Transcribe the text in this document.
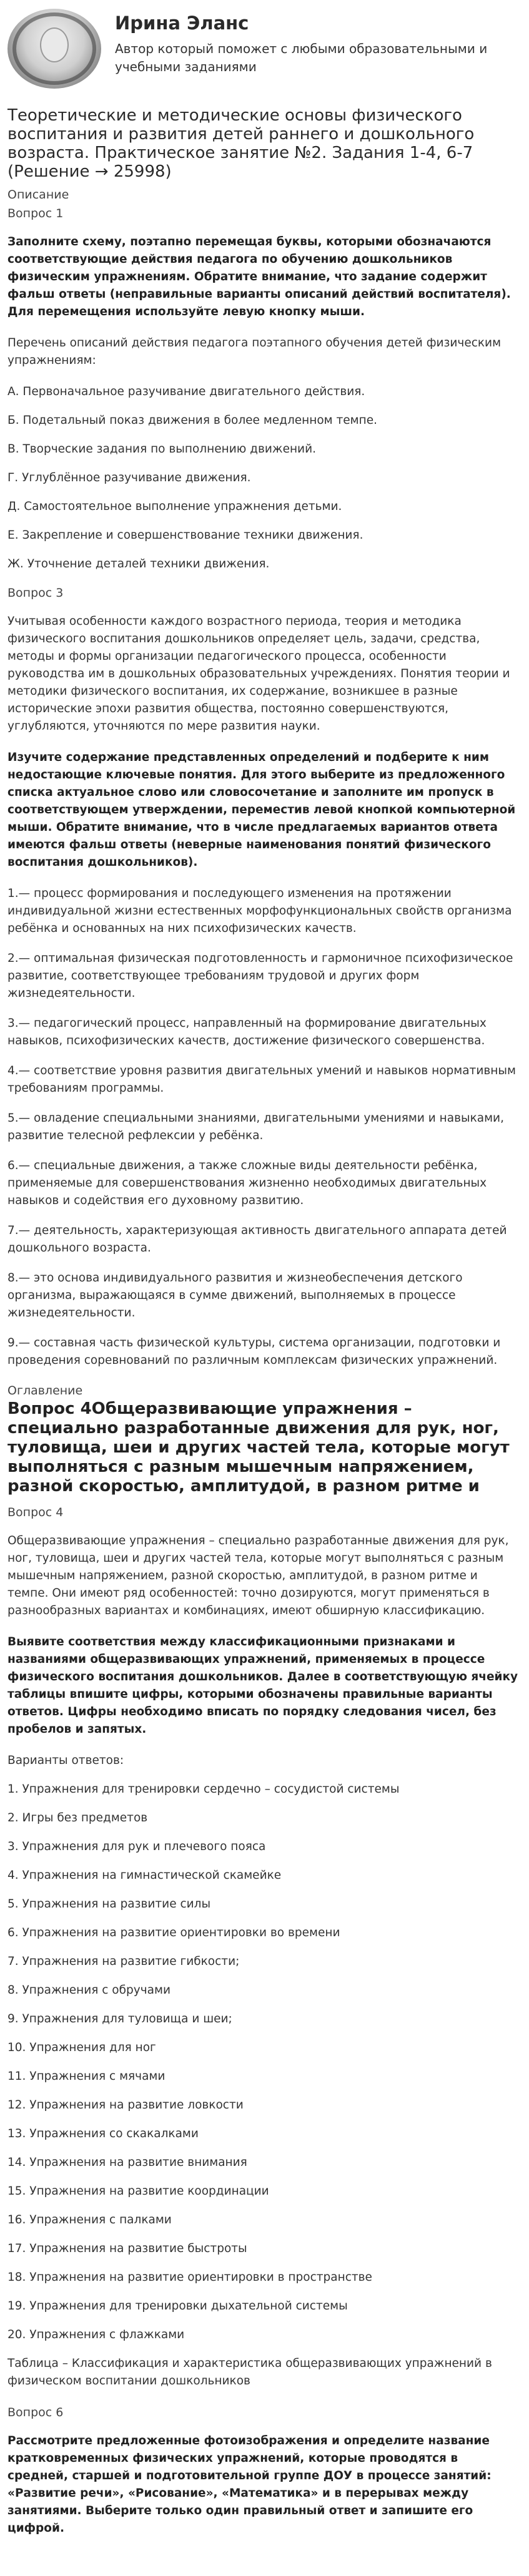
Ирина Эланс
Автор который поможет с любыми образовательными и учебными заданиями
Теоретические и методические основы физического воспитания и развития детей раннего и дошкольного возраста. Практическое занятие №2. Задания 1-4, 6-7 (Решение → 25998)

Описание

Вопрос 1

Заполните схему, поэтапно перемещая буквы, которыми обозначаются соответствующие действия педагога по обучению дошкольников физическим упражнениям. Обратите внимание, что задание содержит фальш ответы (неправильные варианты описаний действий воспитателя). Для перемещения используйте левую кнопку мыши.

Перечень описаний действия педагога поэтапного обучения детей физическим упражнениям:

А. Первоначальное разучивание двигательного действия.

Б. Подетальный показ движения в более медленном темпе.

В. Творческие задания по выполнению движений.

Г. Углублённое разучивание движения.

Д. Самостоятельное выполнение упражнения детьми.

Е. Закрепление и совершенствование техники движения.

Ж. Уточнение деталей техники движения.

Вопрос 3

Учитывая особенности каждого возрастного периода, теория и методика физического воспитания дошкольников определяет цель, задачи, средства, методы и формы организации педагогического процесса, особенности руководства им в дошкольных образовательных учреждениях. Понятия теории и методики физического воспитания, их содержание, возникшее в разные исторические эпохи развития общества, постоянно совершенствуются, углубляются, уточняются по мере развития науки.

Изучите содержание представленных определений и подберите к ним недостающие ключевые понятия. Для этого выберите из предложенного списка актуальное слово или словосочетание и заполните им пропуск в соответствующем утверждении, переместив левой кнопкой компьютерной мыши. Обратите внимание, что в числе предлагаемых вариантов ответа имеются фальш ответы (неверные наименования понятий физического воспитания дошкольников).

1.— процесс формирования и последующего изменения на протяжении индивидуальной жизни естественных морфофункциональных свойств организма ребёнка и основанных на них психофизических качеств.

2.— оптимальная физическая подготовленность и гармоничное психофизическое развитие, соответствующее требованиям трудовой и других форм жизнедеятельности.

3.— педагогический процесс, направленный на формирование двигательных навыков, психофизических качеств, достижение физического совершенства.

4.— соответствие уровня развития двигательных умений и навыков нормативным требованиям программы.

5.— овладение специальными знаниями, двигательными умениями и навыками, развитие телесной рефлексии у ребёнка.

6.— специальные движения, а также сложные виды деятельности ребёнка, применяемые для совершенствования жизненно необходимых двигательных навыков и содействия его духовному развитию.

7.— деятельность, характеризующая активность двигательного аппарата детей дошкольного возраста.

8.— это основа индивидуального развития и жизнеобеспечения детского организма, выражающаяся в сумме движений, выполняемых в процессе жизнедеятельности.

9.— составная часть физической культуры, система организации, подготовки и проведения соревнований по различным комплексам физических упражнений.

Оглавление

Вопрос 4Общеразвивающие упражнения – специально разработанные движения для рук, ног, туловища, шеи и других частей тела, которые могут выполняться с разным мышечным напряжением, разной скоростью, амплитудой, в разном ритме и

Вопрос 4

Общеразвивающие упражнения – специально разработанные движения для рук, ног, туловища, шеи и других частей тела, которые могут выполняться с разным мышечным напряжением, разной скоростью, амплитудой, в разном ритме и темпе. Они имеют ряд особенностей: точно дозируются, могут применяться в разнообразных вариантах и комбинациях, имеют обширную классификацию.

Выявите соответствия между классификационными признаками и названиями общеразвивающих упражнений, применяемых в процессе физического воспитания дошкольников. Далее в соответствующую ячейку таблицы впишите цифры, которыми обозначены правильные варианты ответов. Цифры необходимо вписать по порядку следования чисел, без пробелов и запятых.

Варианты ответов:

1. Упражнения для тренировки сердечно – сосудистой системы

2. Игры без предметов

3. Упражнения для рук и плечевого пояса

4. Упражнения на гимнастической скамейке

5. Упражнения на развитие силы

6. Упражнения на развитие ориентировки во времени

7. Упражнения на развитие гибкости;

8. Упражнения с обручами

9. Упражнения для туловища и шеи;

10. Упражнения для ног

11. Упражнения с мячами

12. Упражнения на развитие ловкости

13. Упражнения со скакалками

14. Упражнения на развитие внимания

15. Упражнения на развитие координации

16. Упражнения с палками

17. Упражнения на развитие быстроты

18. Упражнения на развитие ориентировки в пространстве

19. Упражнения для тренировки дыхательной системы

20. Упражнения с флажками

Таблица – Классификация и характеристика общеразвивающих упражнений в физическом воспитании дошкольников

Вопрос 6

Рассмотрите предложенные фотоизображения и определите название кратковременных физических упражнений, которые проводятся в средней, старшей и подготовительной группе ДОУ в процессе занятий: «Развитие речи», «Рисование», «Математика» и в перерывах между занятиями. Выберите только один правильный ответ и запишите его цифрой.
